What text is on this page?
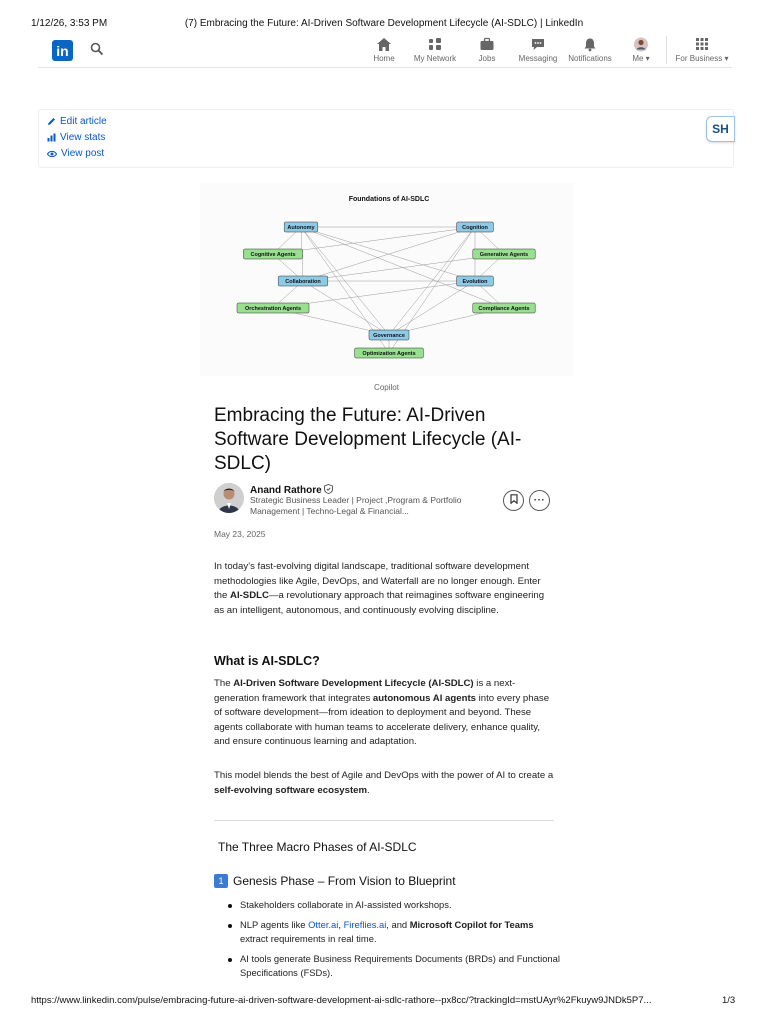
1/12/26, 3:53 PM	(7) Embracing the Future: AI-Driven Software Development Lifecycle (AI-SDLC) | LinkedIn
in	Home	My Network	Jobs	Messaging	Notifications	Me ▾	For Business ▾
Edit article
View stats
View post
SH
Foundations of AI-SDLC
Autonomy	Cognition
Cognitive Agents	Generative Agents
Collaboration	Evolution
Orchestration Agents	Compliance Agents
Governance
Optimization Agents
Copilot
Embracing the Future: AI-Driven Software Development Lifecycle (AI-SDLC)
Anand Rathore
Strategic Business Leader | Project ,Program & Portfolio Management | Techno-Legal & Financial...
···
May 23, 2025
In today’s fast-evolving digital landscape, traditional software development methodologies like Agile, DevOps, and Waterfall are no longer enough. Enter the AI-SDLC—a revolutionary approach that reimagines software engineering as an intelligent, autonomous, and continuously evolving discipline.
What is AI-SDLC?
The AI-Driven Software Development Lifecycle (AI-SDLC) is a next-generation framework that integrates autonomous AI agents into every phase of software development—from ideation to deployment and beyond. These agents collaborate with human teams to accelerate delivery, enhance quality, and ensure continuous learning and adaptation.
This model blends the best of Agile and DevOps with the power of AI to create a self-evolving software ecosystem.
The Three Macro Phases of AI-SDLC
1 Genesis Phase – From Vision to Blueprint
Stakeholders collaborate in AI-assisted workshops.
NLP agents like Otter.ai, Fireflies.ai, and Microsoft Copilot for Teams extract requirements in real time.
AI tools generate Business Requirements Documents (BRDs) and Functional Specifications (FSDs).
https://www.linkedin.com/pulse/embracing-future-ai-driven-software-development-ai-sdlc-rathore--px8cc/?trackingId=mstUAyr%2Fkuyw9JNDk5P7...	1/3
